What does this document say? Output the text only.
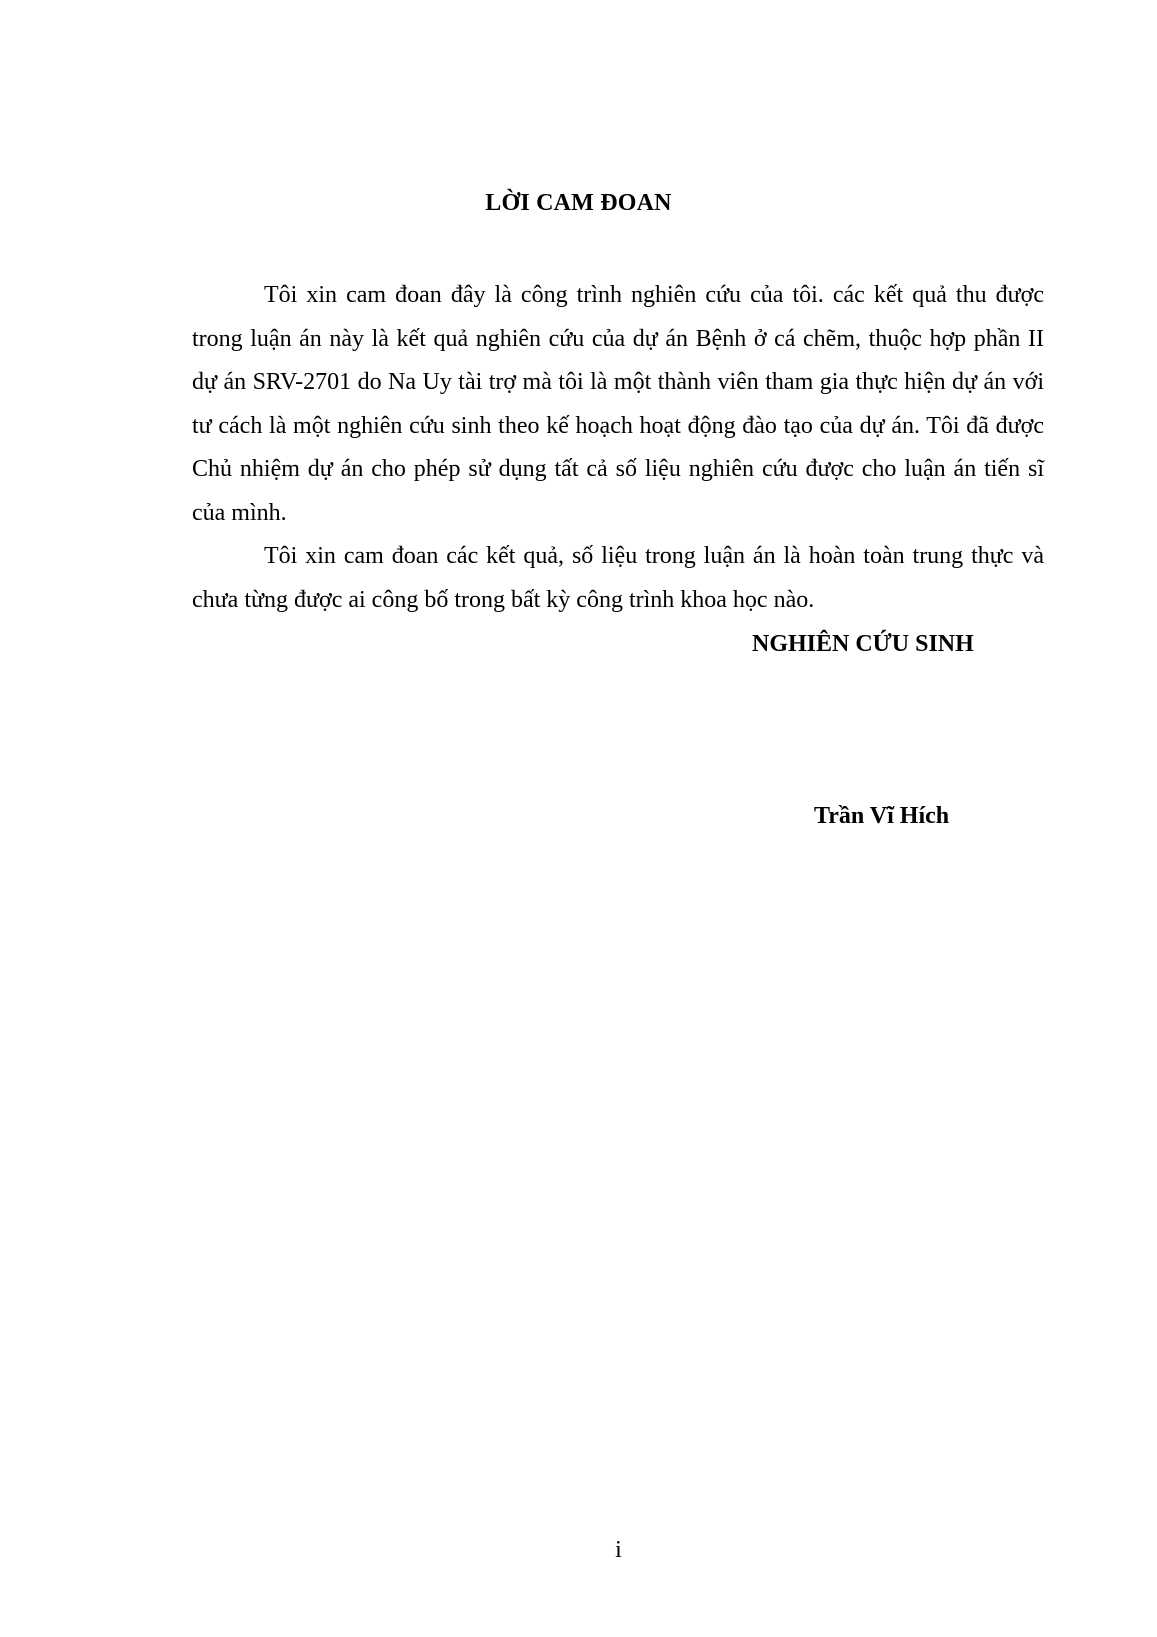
LỜI CAM ĐOAN

Tôi xin cam đoan đây là công trình nghiên cứu của tôi. các kết quả thu được trong luận án này là kết quả nghiên cứu của dự án Bệnh ở cá chẽm, thuộc hợp phần II dự án SRV-2701 do Na Uy tài trợ mà tôi là một thành viên tham gia thực hiện dự án với tư cách là một nghiên cứu sinh theo kế hoạch hoạt động đào tạo của dự án. Tôi đã được Chủ nhiệm dự án cho phép sử dụng tất cả số liệu nghiên cứu được cho luận án tiến sĩ của mình.

Tôi xin cam đoan các kết quả, số liệu trong luận án là hoàn toàn trung thực và chưa từng được ai công bố trong bất kỳ công trình khoa học nào.

NGHIÊN CỨU SINH
Trần Vĩ Hích
i
